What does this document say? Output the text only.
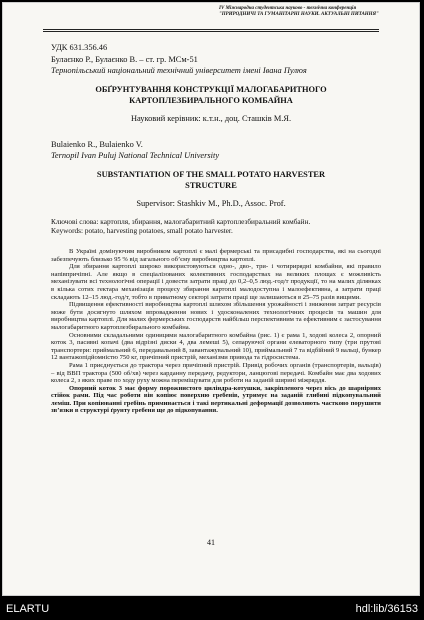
IV Міжнародна студентська науково - технічна конференція
"ПРИРОДНИЧІ ТА ГУМАНІТАРНІ НАУКИ. АКТУАЛЬНІ ПИТАННЯ"
УДК 631.356.46
Булаєнко Р., Булаєнко В. – ст. гр. МСм-51
Тернопільський національний технічний університет імені Івана Пулюя
ОБҐРУНТУВАННЯ КОНСТРУКЦІЇ МАЛОГАБАРИТНОГО
КАРТОПЛЕЗБИРАЛЬНОГО КОМБАЙНА
Науковий керівник: к.т.н., доц. Сташків М.Я.
Bulaienko R., Bulaienko V.
Ternopil Ivan Puluj National Technical University
SUBSTANTIATION OF THE SMALL POTATO HARVESTER
STRUCTURE
Supervisor: Stashkiv M., Ph.D., Assoc. Prof.
Ключові слова: картопля, збирання, малогабаритний картоплезбиральний комбайн.
Keywords: potato, harvesting potatoes, small potato harvester.

В Україні домінуючим виробником картоплі є малі фермерські та присадибні господарства, які на сьогодні забезпечують близько 95 % від загального об’єму виробництва картоплі.

Для збирання картоплі широко використовуються одно-, дво-, три- і чотирирядні комбайни, які правило напівпричіпні. Але якщо в спеціалізованих колективних господарствах на великих площах є можливість механізувати всі технологічні операції і довести затрати праці до 0,2–0,5 люд.-год/т продукції, то на малих ділянках в кілька сотих гектара механізація процесу збирання картоплі малодоступна і малоефективна, а затрати праці складають 12–15 люд.-год/т, тобто в приватному секторі затрати праці ще залишаються в 25–75 разів вищими.

Підвищення ефективності виробництва картоплі шляхом збільшення урожайності і зниження затрат ресурсів може бути досягнуто шляхом впровадження нових і удосконалених технологічних процесів та машин для виробництва картоплі. Для малих фермерських господарств найбільш перспективним та ефективним є застосування малогабаритного картоплезбирального комбайна.

Основними складальними одиницями малогабаритного комбайна (рис. 1) є рама 1, ходові колеса 2, опорний коток 3, пасивні копачі (два відрізні диски 4, два лемеші 5), сепаруючої органи елеваторного типу (три прутові транспортери: приймальний 6, передавальний 8, завантажувальний 10), приймальний 7 та відбійний 9 вальці, бункер 12 вантажопідйомністю 750 кг, причіпний пристрій, механізми привода та гідросистема.

Рама 1 приєднується до трактора через причіпний пристрій. Привід робочих органів (транспортерів, вальців) – від ВВП трактора (500 об/хв) через карданну передачу, редуктори, ланцюгові передачі. Комбайн має два ходових колеса 2, з яких праве по ходу руху можна переміщувати для роботи на заданій ширині міжряддя.

Опорний коток 3 має форму порожнистого циліндра-котушки, закріпленого через вісь до шарнірних стійок рами. Під час роботи він копіює поверхню гребенів, утримує на заданій глибині підкопувальний леміш. При копіюванні гребінь приминається і такі вертикальні деформації дозволяють частково порушити зв’язки в структурі ґрунту гребеня ще до підкопування.

41
ELARTU	hdl:lib/36153
